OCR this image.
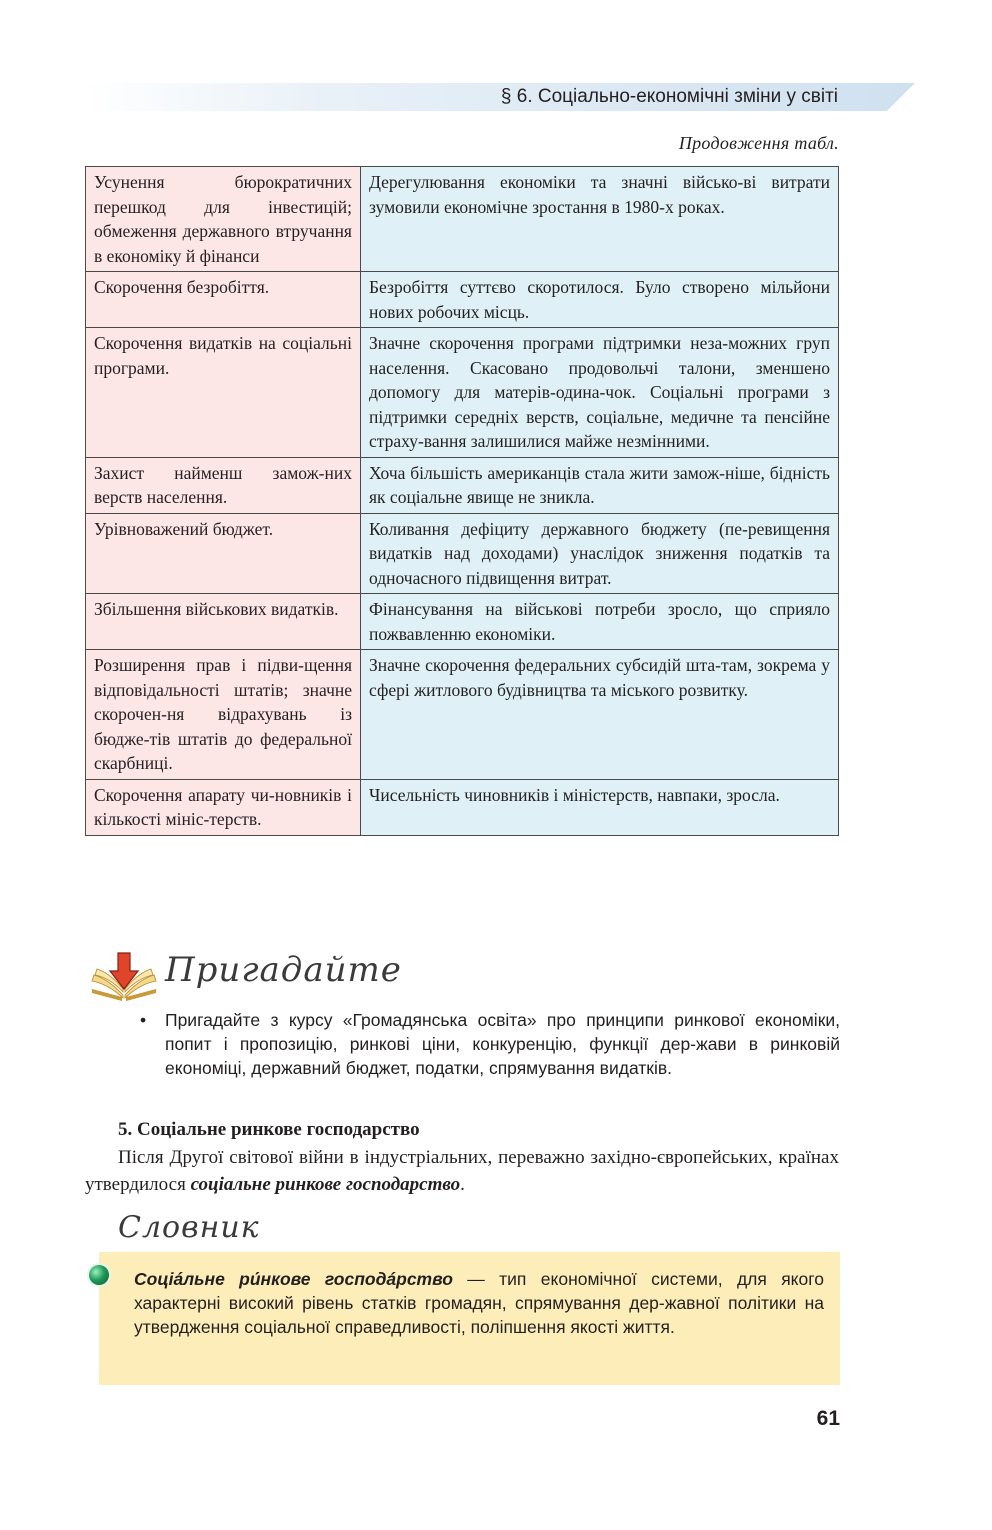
§ 6. Соціально-економічні зміни у світі
Продовження табл.
Усунення бюрократичних перешкод для інвестицій; обмеження державного втручання в економіку й фінанси	Дерегулювання економіки та значні військо-ві витрати зумовили економічне зростання в 1980-х роках.
Скорочення безробіття.	Безробіття суттєво скоротилося. Було створено мільйони нових робочих місць.
Скорочення видатків на соціальні програми.	Значне скорочення програми підтримки неза-можних груп населення. Скасовано продовольчі талони, зменшено допомогу для матерів-одина-чок. Соціальні програми з підтримки середніх верств, соціальне, медичне та пенсійне страху-вання залишилися майже незмінними.
Захист найменш замож-них верств населення.	Хоча більшість американців стала жити замож-ніше, бідність як соціальне явище не зникла.
Урівноважений бюджет.	Коливання дефіциту державного бюджету (пе-ревищення видатків над доходами) унаслідок зниження податків та одночасного підвищення витрат.
Збільшення військових видатків.	Фінансування на військові потреби зросло, що сприяло пожвавленню економіки.
Розширення прав і підви-щення відповідальності штатів; значне скорочен-ня відрахувань із бюдже-тів штатів до федеральної скарбниці.	Значне скорочення федеральних субсидій шта-там, зокрема у сфері житлового будівництва та міського розвитку.
Скорочення апарату чи-новників і кількості мініс-терств.	Чисельність чиновників і міністерств, навпаки, зросла.
Пригадайте
• Пригадайте з курсу «Громадянська освіта» про принципи ринкової економіки, попит і пропозицію, ринкові ціни, конкуренцію, функції дер-жави в ринковій економіці, державний бюджет, податки, спрямування видатків.
5. Соціальне ринкове господарство

Після Другої світової війни в індустріальних, переважно західно-європейських, країнах утвердилося соціальне ринкове господарство.

Словник

Соціáльне ри́нкове господáрство — тип економічної системи, для якого характерні високий рівень статків громадян, спрямування дер-жавної політики на утвердження соціальної справедливості, поліпшення якості життя.

61
